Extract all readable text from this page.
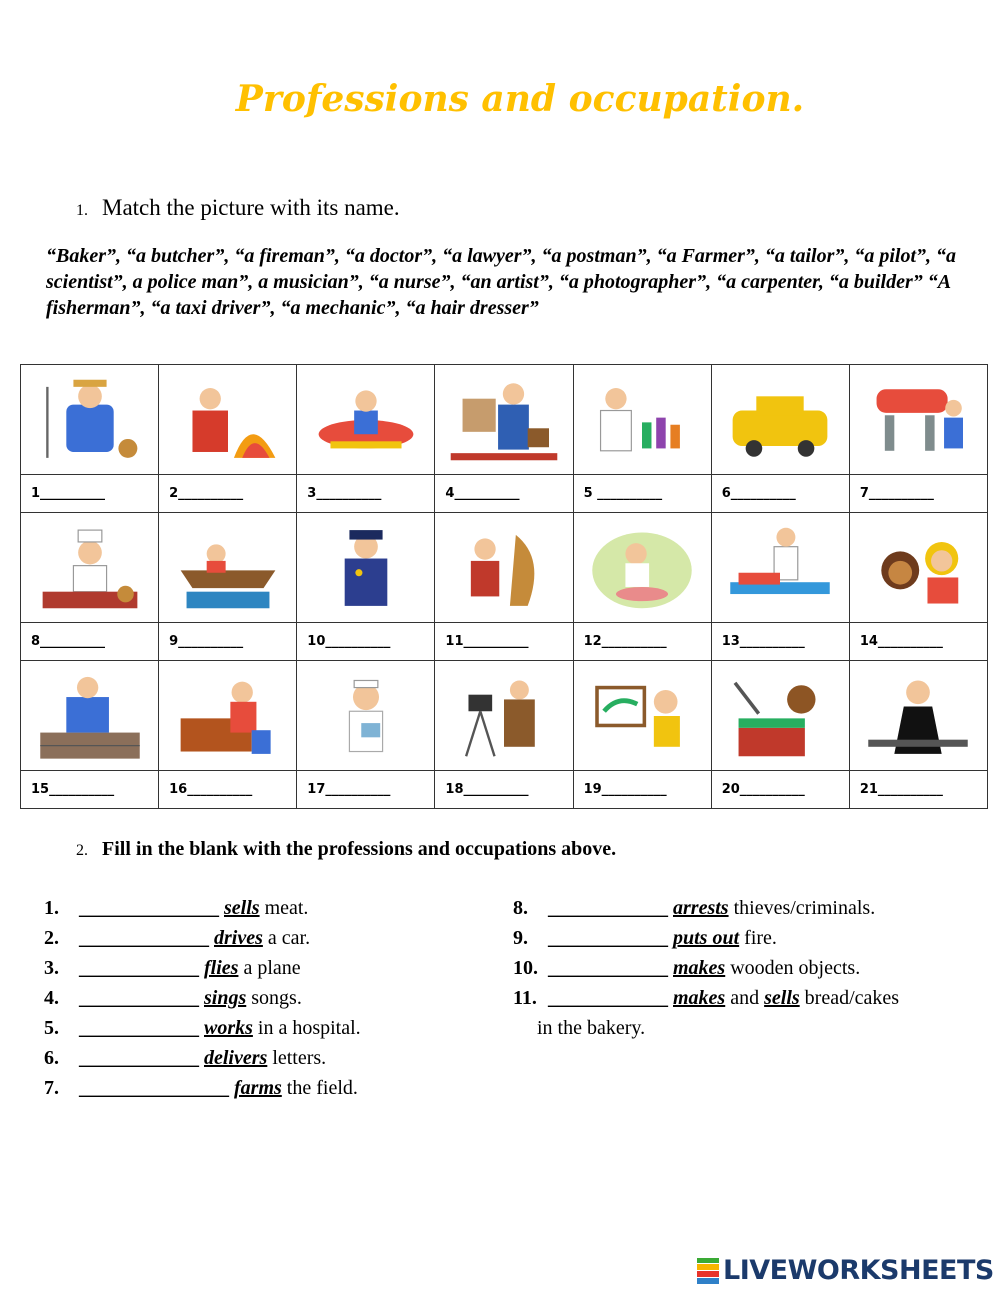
Professions and occupation.
1. Match the picture with its name.
“Baker”, “a butcher”, “a fireman”, “a doctor”, “a lawyer”, “a postman”, “a Farmer”, “a tailor”, “a pilot”, “a scientist”, a police man”, a musician”, “a nurse”, “an artist”, “a photographer”, “a carpenter, “a builder” “A fisherman”, “a taxi driver”, “a mechanic”, “a hair dresser”

1__________	2__________	3__________	4__________	5 __________	6__________	7__________

8__________	9__________	10__________	11__________	12__________	13__________	14__________

15__________	16__________	17__________	18__________	19__________	20__________	21__________
2. Fill in the blank with the professions and occupations above.
1. ______________ sells meat.
2. _____________ drives a car.
3. ____________ flies a plane
4. ____________ sings songs.
5. ____________ works in a hospital.
6. ____________ delivers letters.
7. _______________ farms the field.
8. ____________ arrests thieves/criminals.
9. ____________ puts out fire.
10. ____________ makes wooden objects.
11. ____________ makes and sells bread/cakes
in the bakery.
LIVEWORKSHEETS
